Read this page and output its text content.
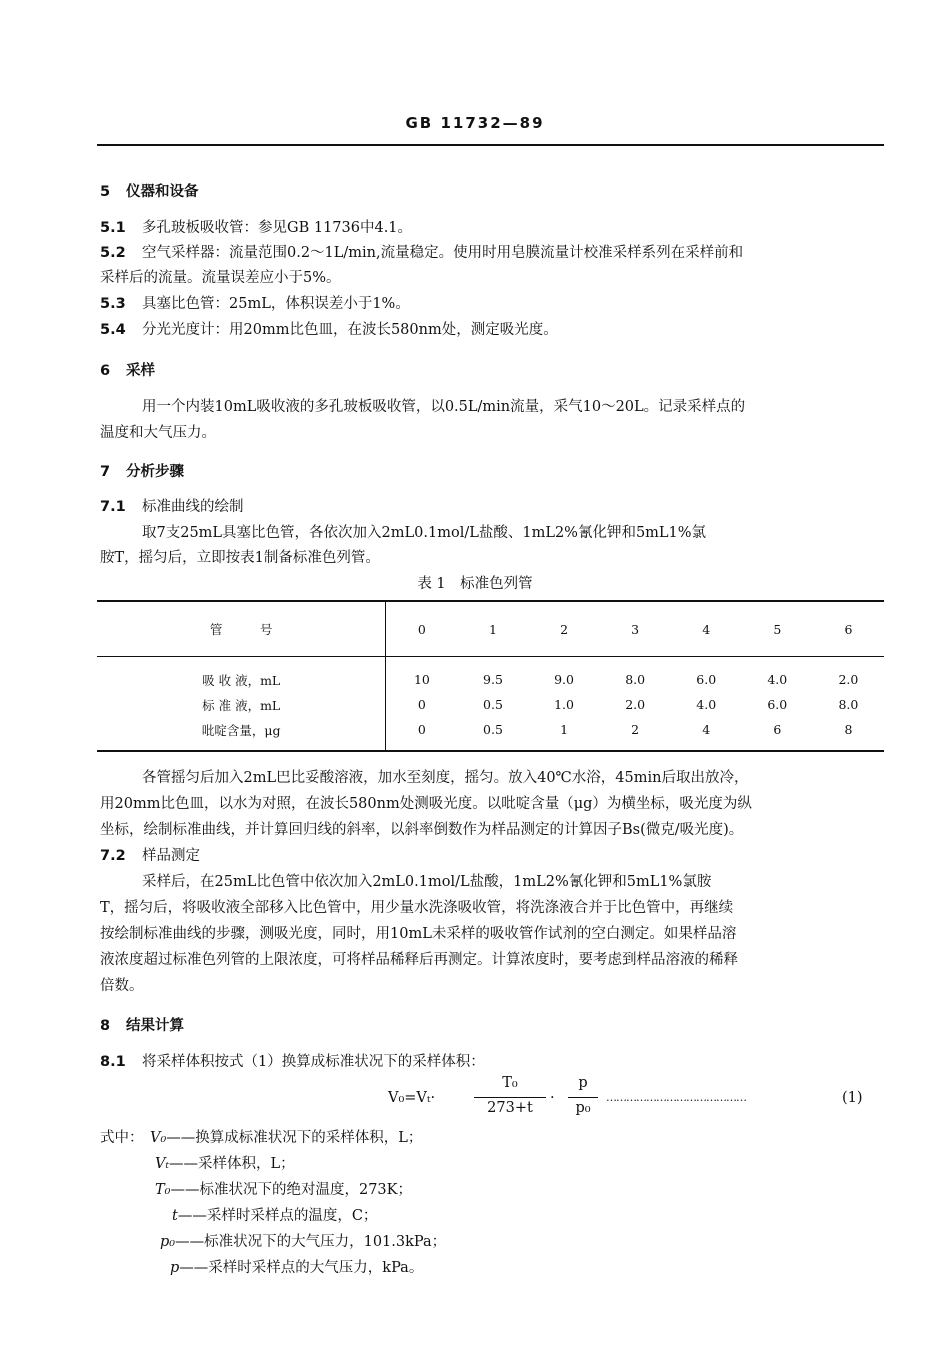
GB 11732—89
5 仪器和设备
5.1 多孔玻板吸收管：参见GB 11736中4.1。
5.2 空气采样器：流量范围0.2～1L/min,流量稳定。使用时用皂膜流量计校准采样系列在采样前和
采样后的流量。流量误差应小于5%。
5.3 具塞比色管：25mL，体积误差小于1%。
5.4 分光光度计：用20mm比色皿，在波长580nm处，测定吸光度。
6 采样
用一个内装10mL吸收液的多孔玻板吸收管，以0.5L/min流量，采气10～20L。记录采样点的
温度和大气压力。
7 分析步骤
7.1 标准曲线的绘制
取7支25mL具塞比色管，各依次加入2mL0.1mol/L盐酸、1mL2%氰化钾和5mL1%氯
胺T，摇匀后，立即按表1制备标准色列管。
表 1　标准色列管
管　　　号	0	1	2	3	4	5	6
吸 收 液，mL	10	9.5	9.0	8.0	6.0	4.0	2.0
标 准 液，mL	0	0.5	1.0	2.0	4.0	6.0	8.0
吡啶含量，μg	0	0.5	1	2	4	6	8
各管摇匀后加入2mL巴比妥酸溶液，加水至刻度，摇匀。放入40℃水浴，45min后取出放冷，
用20mm比色皿，以水为对照，在波长580nm处测吸光度。以吡啶含量（μg）为横坐标，吸光度为纵
坐标，绘制标准曲线，并计算回归线的斜率，以斜率倒数作为样品测定的计算因子Bs(微克/吸光度)。
7.2 样品测定
采样后，在25mL比色管中依次加入2mL0.1mol/L盐酸，1mL2%氰化钾和5mL1%氯胺
T，摇匀后，将吸收液全部移入比色管中，用少量水洗涤吸收管，将洗涤液合并于比色管中，再继续
按绘制标准曲线的步骤，测吸光度，同时，用10mL未采样的吸收管作试剂的空白测定。如果样品溶
液浓度超过标准色列管的上限浓度，可将样品稀释后再测定。计算浓度时，要考虑到样品溶液的稀释
倍数。
8 结果计算
8.1 将采样体积按式（1）换算成标准状况下的采样体积：
V₀=Vₜ·
T₀
273+t
·
p
p₀
……………………………………	(1)
式中： V₀——换算成标准状况下的采样体积，L；
Vₜ——采样体积，L；
T₀——标准状况下的绝对温度，273K；
t——采样时采样点的温度，C；
p₀——标准状况下的大气压力，101.3kPa；
p——采样时采样点的大气压力，kPa。
